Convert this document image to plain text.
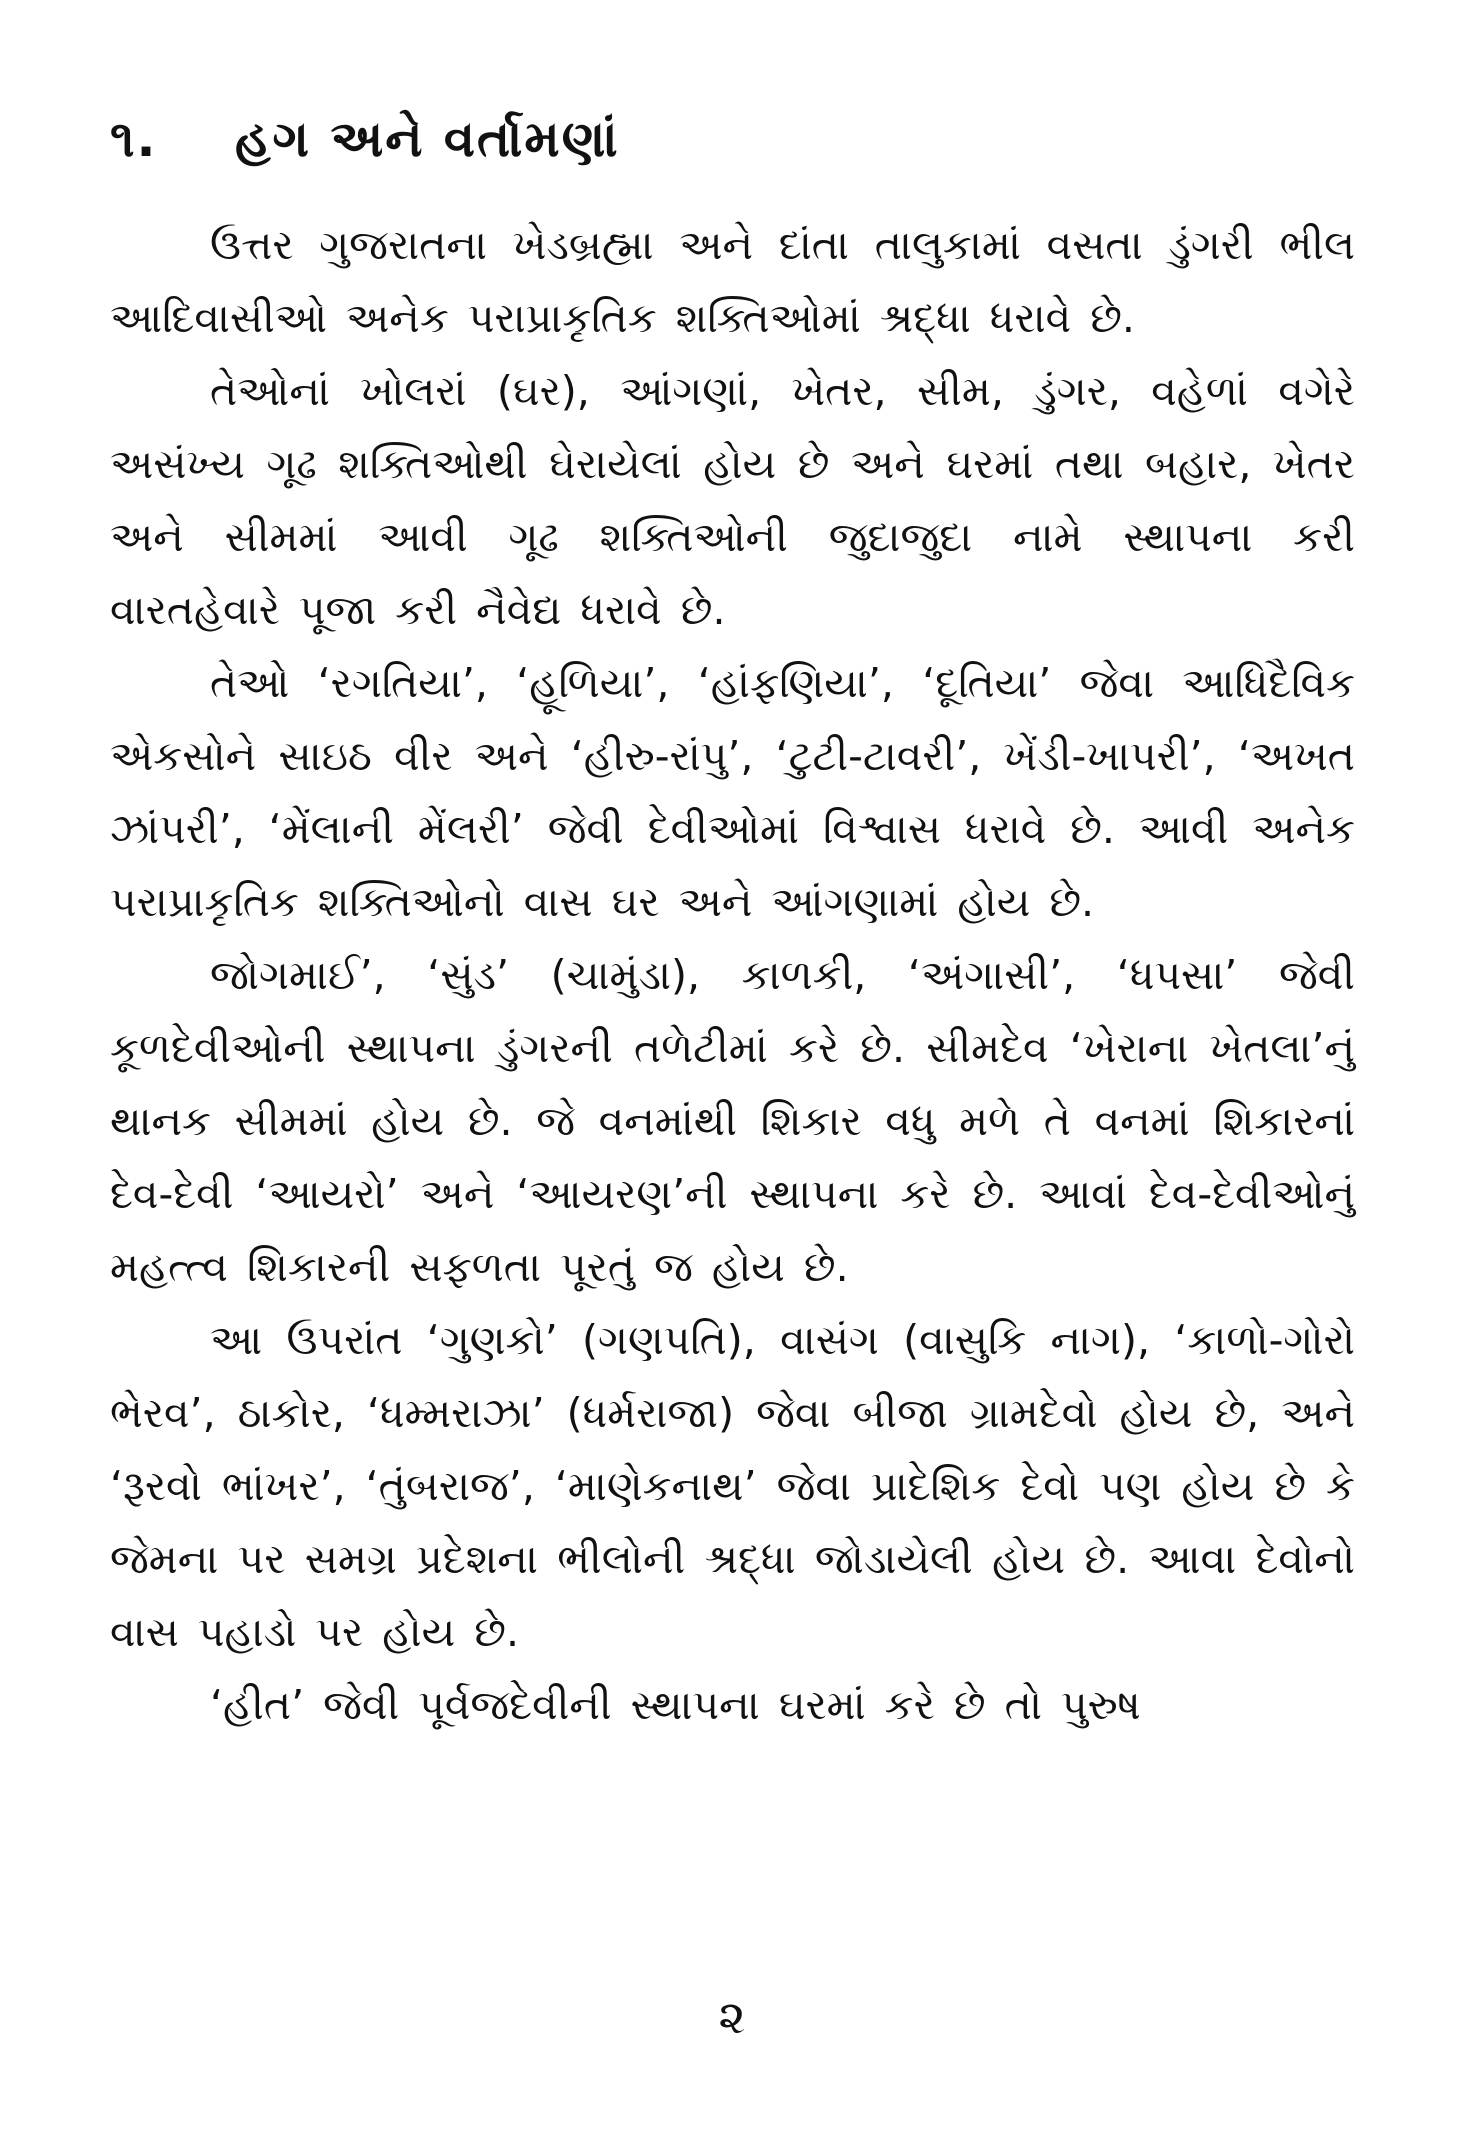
૧.	હગ અને વર્તામણાં

ઉત્તર ગુજરાતના ખેડબ્રહ્મા અને દાંતા તાલુકામાં વસતા ડુંગરી ભીલ આદિવાસીઓ અનેક પરાપ્રાકૃતિક શક્તિઓમાં શ્રદ્ધા ધરાવે છે.

તેઓનાં ખોલરાં (ઘર), આંગણાં, ખેતર, સીમ, ડુંગર, વહેળાં વગેરે અસંખ્ય ગૂઢ શક્તિઓથી ઘેરાયેલાં હોય છે અને ઘરમાં તથા બહાર, ખેતર અને સીમમાં આવી ગૂઢ શક્તિઓની જુદાજુદા નામે સ્થાપના કરી વારતહેવારે પૂજા કરી નૈવેદ્ય ધરાવે છે.

તેઓ ‘રગતિયા’, ‘હૂળિયા’, ‘હાંફણિયા’, ‘દૂતિયા’ જેવા આધિદૈવિક એકસોને સાઇઠ વીર અને ‘હીરુ-રાંપુ’, ‘ટુટી-ટાવરી’, ખેંડી-ખાપરી’, ‘અખત ઝાંપરી’, ‘મેંલાની મેંલરી’ જેવી દેવીઓમાં વિશ્વાસ ધરાવે છે. આવી અનેક પરાપ્રાકૃતિક શક્તિઓનો વાસ ઘર અને આંગણામાં હોય છે.

જોગમાઈ’, ‘સુંડ’ (ચામુંડા), કાળકી, ‘અંગાસી’, ‘ધપસા’ જેવી કૂળદેવીઓની સ્થાપના ડુંગરની તળેટીમાં કરે છે. સીમદેવ ‘ખેરાના ખેતલા’નું થાનક સીમમાં હોય છે. જે વનમાંથી શિકાર વધુ મળે તે વનમાં શિકારનાં દેવ-દેવી ‘આયરો’ અને ‘આયરણ’ની સ્થાપના કરે છે. આવાં દેવ-દેવીઓનું મહત્ત્વ શિકારની સફળતા પૂરતું જ હોય છે.

આ ઉપરાંત ‘ગુણકો’ (ગણપતિ), વાસંગ (વાસુકિ નાગ), ‘કાળો-ગોરો ભેરવ’, ઠાકોર, ‘ધમ્મરાઝા’ (ધર્મરાજા) જેવા બીજા ગ્રામદેવો હોય છે, અને ‘રૂરવો ભાંખર’, ‘તુંબરાજ’, ‘માણેકનાથ’ જેવા પ્રાદેશિક દેવો પણ હોય છે કે જેમના પર સમગ્ર પ્રદેશના ભીલોની શ્રદ્ધા જોડાયેલી હોય છે. આવા દેવોનો વાસ પહાડો પર હોય છે.

‘હીત’ જેવી પૂર્વજદેવીની સ્થાપના ઘરમાં કરે છે તો પુરુષ

૨
